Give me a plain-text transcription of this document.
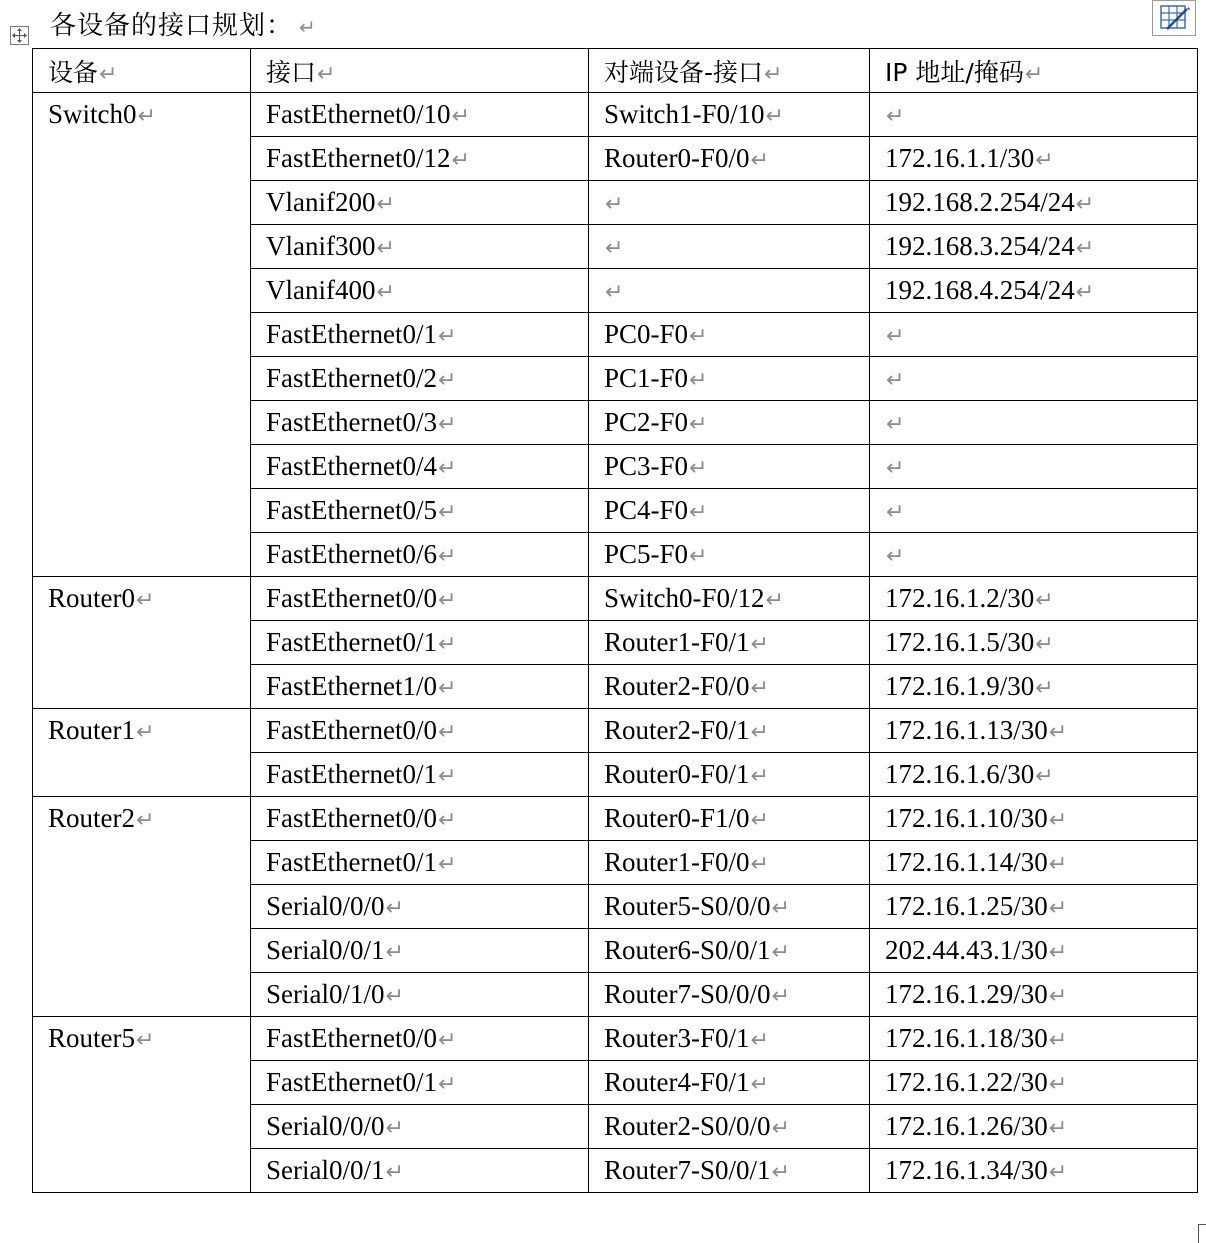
各设备的接口规划： ↵
设备↵	接口↵	对端设备-接口↵	IP 地址/掩码↵
Switch0↵	FastEthernet0/10↵	Switch1-F0/10↵	↵
	FastEthernet0/12↵	Router0-F0/0↵	172.16.1.1/30↵
	Vlanif200↵	↵	192.168.2.254/24↵
	Vlanif300↵	↵	192.168.3.254/24↵
	Vlanif400↵	↵	192.168.4.254/24↵
	FastEthernet0/1↵	PC0-F0↵	↵
	FastEthernet0/2↵	PC1-F0↵	↵
	FastEthernet0/3↵	PC2-F0↵	↵
	FastEthernet0/4↵	PC3-F0↵	↵
	FastEthernet0/5↵	PC4-F0↵	↵
	FastEthernet0/6↵	PC5-F0↵	↵
Router0↵	FastEthernet0/0↵	Switch0-F0/12↵	172.16.1.2/30↵
	FastEthernet0/1↵	Router1-F0/1↵	172.16.1.5/30↵
	FastEthernet1/0↵	Router2-F0/0↵	172.16.1.9/30↵
Router1↵	FastEthernet0/0↵	Router2-F0/1↵	172.16.1.13/30↵
	FastEthernet0/1↵	Router0-F0/1↵	172.16.1.6/30↵
Router2↵	FastEthernet0/0↵	Router0-F1/0↵	172.16.1.10/30↵
	FastEthernet0/1↵	Router1-F0/0↵	172.16.1.14/30↵
	Serial0/0/0↵	Router5-S0/0/0↵	172.16.1.25/30↵
	Serial0/0/1↵	Router6-S0/0/1↵	202.44.43.1/30↵
	Serial0/1/0↵	Router7-S0/0/0↵	172.16.1.29/30↵
Router5↵	FastEthernet0/0↵	Router3-F0/1↵	172.16.1.18/30↵
	FastEthernet0/1↵	Router4-F0/1↵	172.16.1.22/30↵
	Serial0/0/0↵	Router2-S0/0/0↵	172.16.1.26/30↵
	Serial0/0/1↵	Router7-S0/0/1↵	172.16.1.34/30↵
